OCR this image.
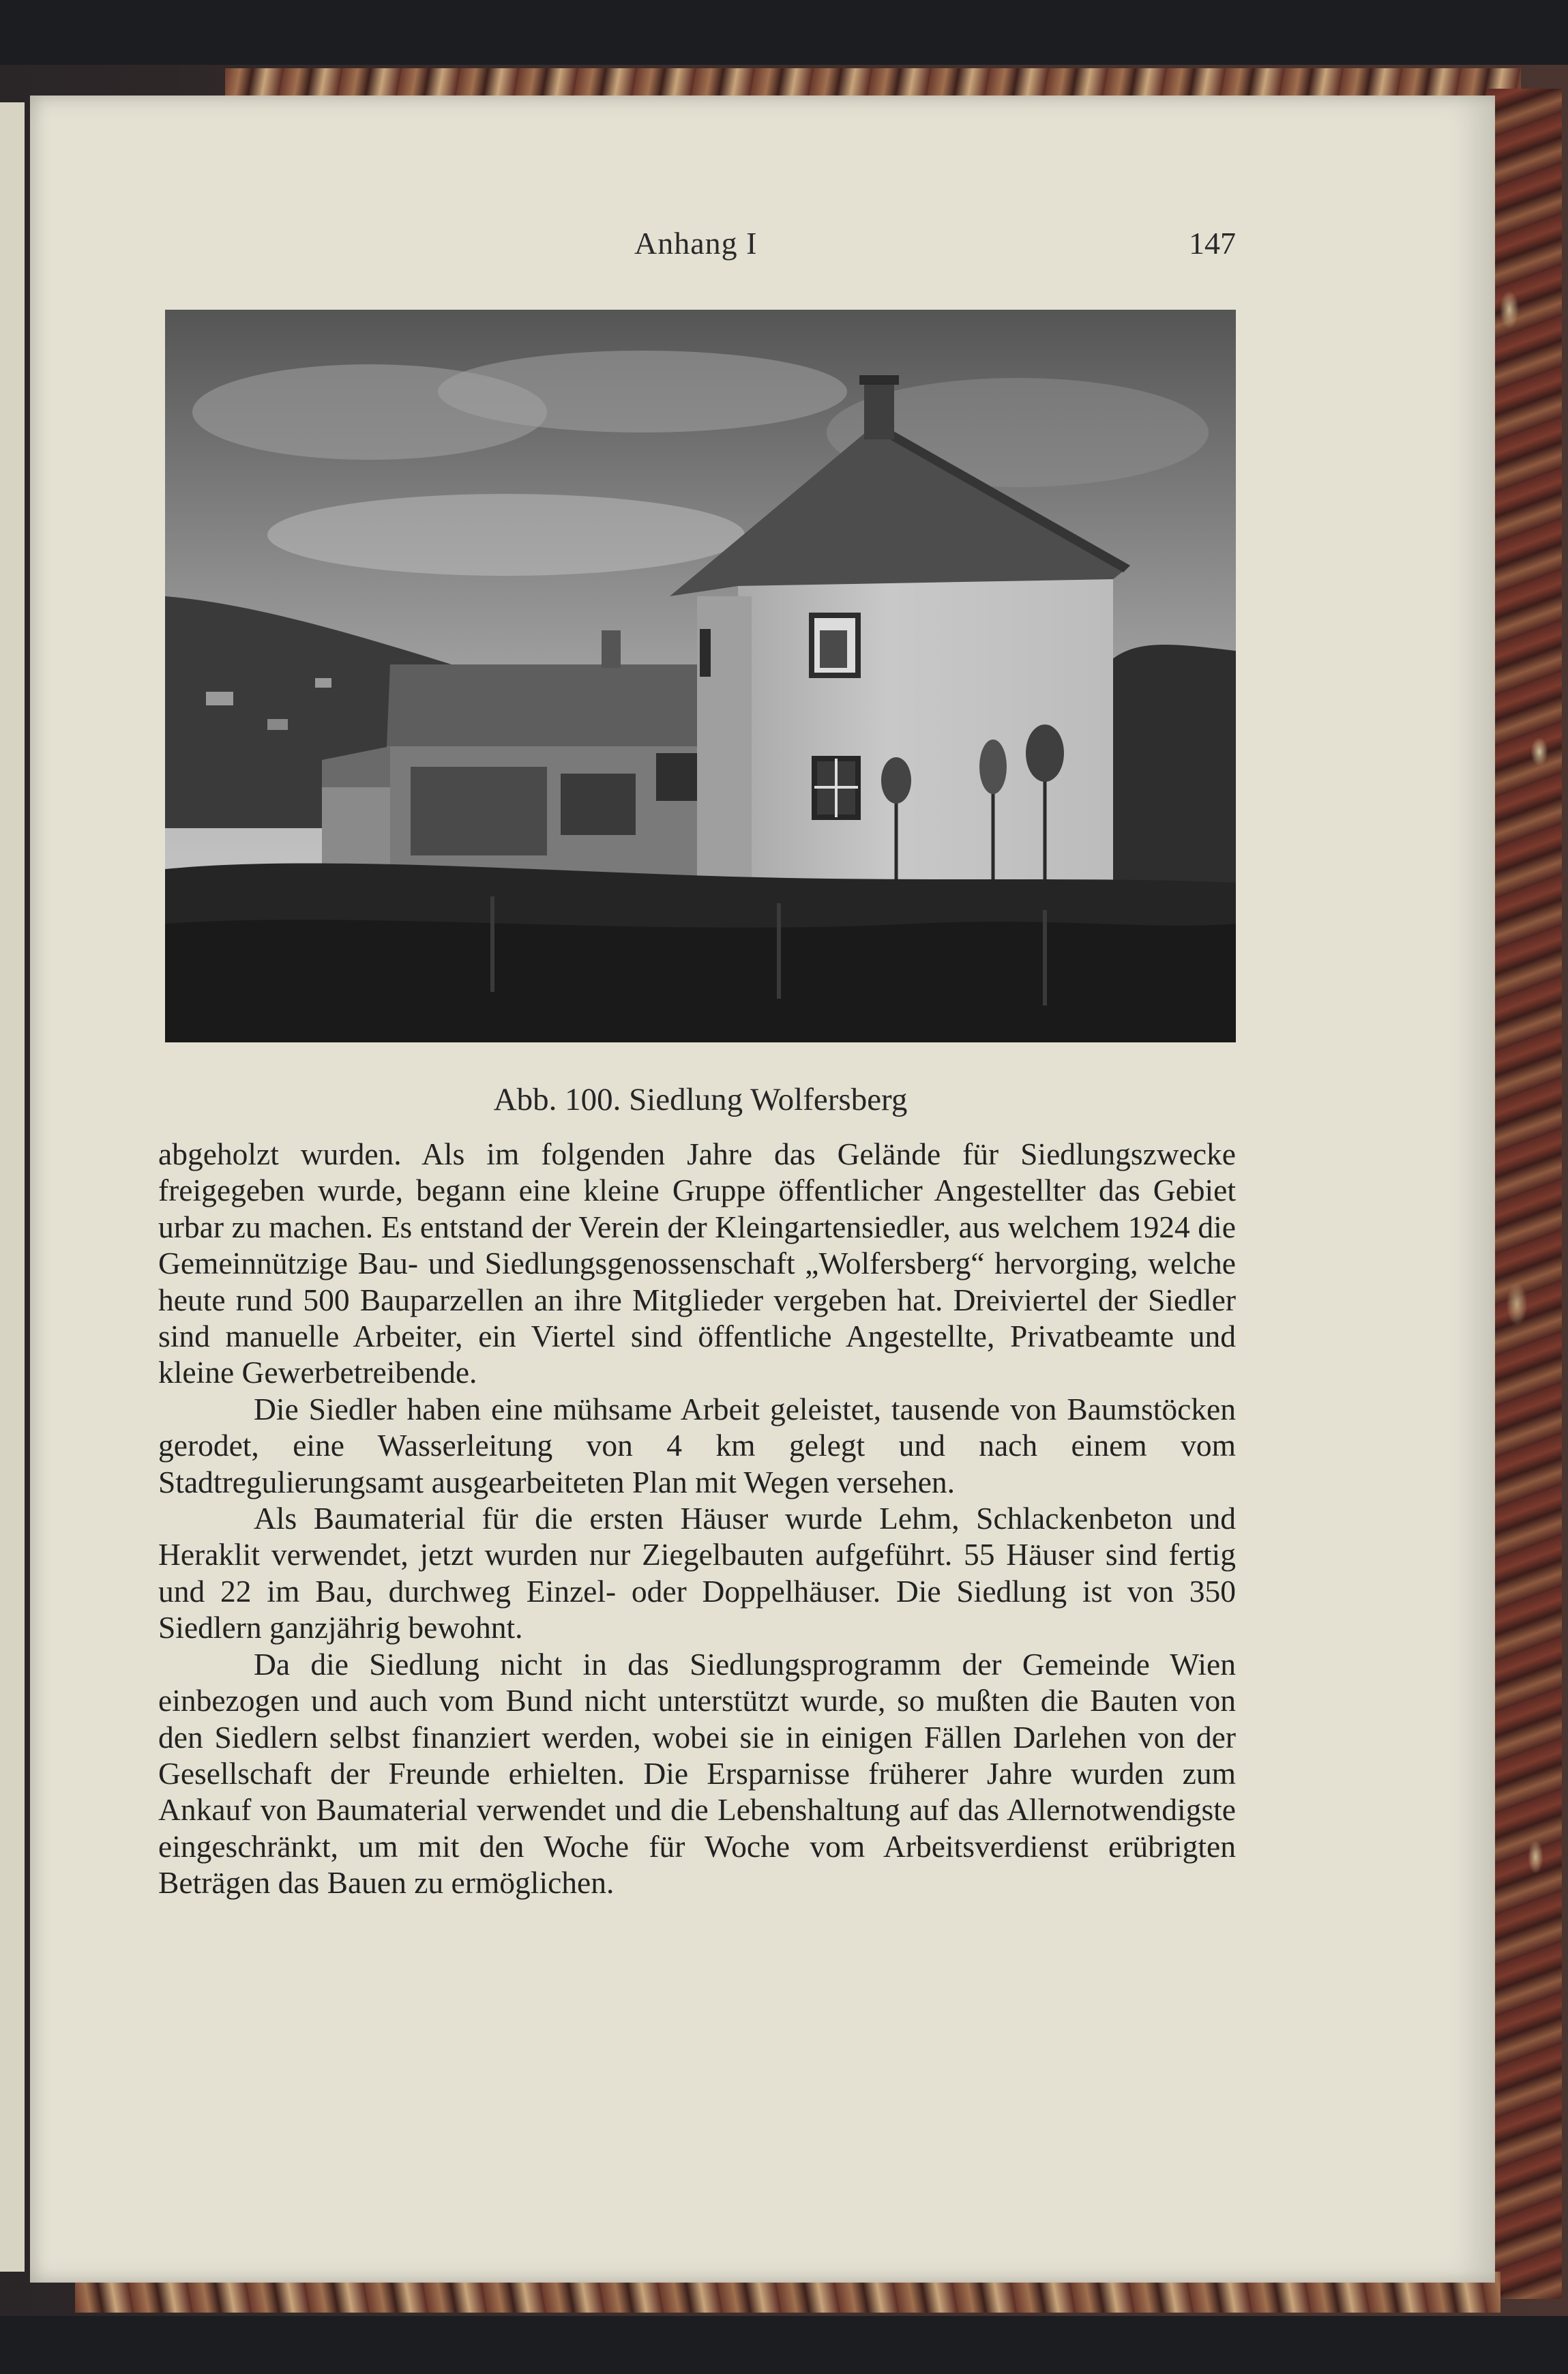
Anhang I	147
Abb. 100. Siedlung Wolfersberg

abgeholzt wurden. Als im folgenden Jahre das Gelände für Siedlungszwecke freigegeben wurde, begann eine kleine Gruppe öffentlicher Angestellter das Gebiet urbar zu machen. Es entstand der Verein der Kleingartensiedler, aus welchem 1924 die Gemeinnützige Bau- und Siedlungsgenossenschaft „Wolfersberg“ hervorging, welche heute rund 500 Bauparzellen an ihre Mitglieder vergeben hat. Dreiviertel der Siedler sind manuelle Arbeiter, ein Viertel sind öffentliche Angestellte, Privatbeamte und kleine Gewerbetreibende.

Die Siedler haben eine mühsame Arbeit geleistet, tausende von Baumstöcken gerodet, eine Wasserleitung von 4 km gelegt und nach einem vom Stadtregulierungsamt ausgearbeiteten Plan mit Wegen versehen.

Als Baumaterial für die ersten Häuser wurde Lehm, Schlackenbeton und Heraklit verwendet, jetzt wurden nur Ziegelbauten aufgeführt. 55 Häuser sind fertig und 22 im Bau, durchweg Einzel- oder Doppelhäuser. Die Siedlung ist von 350 Siedlern ganzjährig bewohnt.

Da die Siedlung nicht in das Siedlungsprogramm der Gemeinde Wien einbezogen und auch vom Bund nicht unterstützt wurde, so mußten die Bauten von den Siedlern selbst finanziert werden, wobei sie in einigen Fällen Darlehen von der Gesellschaft der Freunde erhielten. Die Ersparnisse früherer Jahre wurden zum Ankauf von Baumaterial verwendet und die Lebenshaltung auf das Allernotwendigste eingeschränkt, um mit den Woche für Woche vom Arbeitsverdienst erübrigten Beträgen das Bauen zu ermöglichen.
